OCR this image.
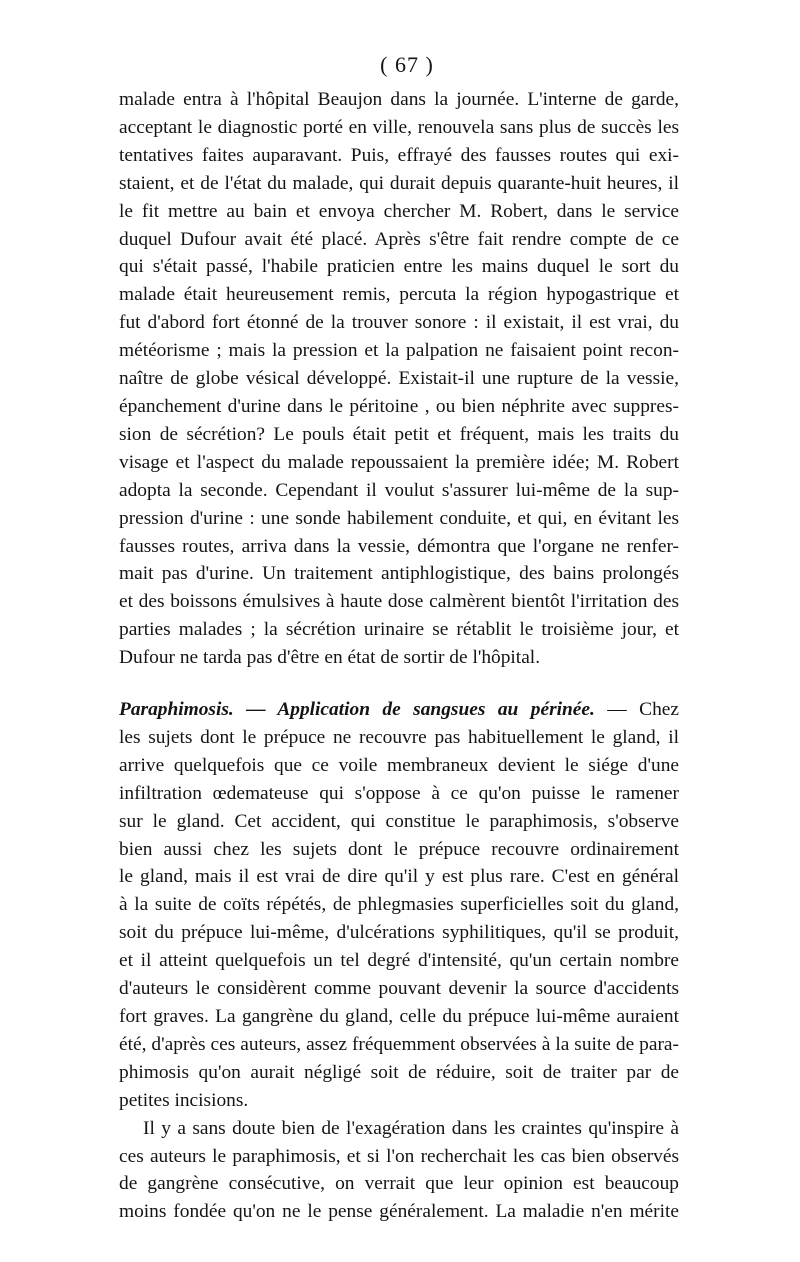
( 67 )

malade entra à l'hôpital Beaujon dans la journée. L'interne de garde,
acceptant le diagnostic porté en ville, renouvela sans plus de succès les
tentatives faites auparavant. Puis, effrayé des fausses routes qui exi-
staient, et de l'état du malade, qui durait depuis quarante-huit heures, il
le fit mettre au bain et envoya chercher M. Robert, dans le service
duquel Dufour avait été placé. Après s'être fait rendre compte de ce
qui s'était passé, l'habile praticien entre les mains duquel le sort du
malade était heureusement remis, percuta la région hypogastrique et
fut d'abord fort étonné de la trouver sonore : il existait, il est vrai, du
météorisme ; mais la pression et la palpation ne faisaient point recon-
naître de globe vésical développé. Existait-il une rupture de la vessie,
épanchement d'urine dans le péritoine , ou bien néphrite avec suppres-
sion de sécrétion? Le pouls était petit et fréquent, mais les traits du
visage et l'aspect du malade repoussaient la première idée; M. Robert
adopta la seconde. Cependant il voulut s'assurer lui-même de la sup-
pression d'urine : une sonde habilement conduite, et qui, en évitant les
fausses routes, arriva dans la vessie, démontra que l'organe ne renfer-
mait pas d'urine. Un traitement antiphlogistique, des bains prolongés
et des boissons émulsives à haute dose calmèrent bientôt l'irritation des
parties malades ; la sécrétion urinaire se rétablit le troisième jour, et
Dufour ne tarda pas d'être en état de sortir de l'hôpital.

Paraphimosis. — Application de sangsues au périnée. — Chez
les sujets dont le prépuce ne recouvre pas habituellement le gland, il
arrive quelquefois que ce voile membraneux devient le siége d'une
infiltration œdemateuse qui s'oppose à ce qu'on puisse le ramener
sur le gland. Cet accident, qui constitue le paraphimosis, s'observe
bien aussi chez les sujets dont le prépuce recouvre ordinairement
le gland, mais il est vrai de dire qu'il y est plus rare. C'est en général
à la suite de coïts répétés, de phlegmasies superficielles soit du gland,
soit du prépuce lui-même, d'ulcérations syphilitiques, qu'il se produit,
et il atteint quelquefois un tel degré d'intensité, qu'un certain nombre
d'auteurs le considèrent comme pouvant devenir la source d'accidents
fort graves. La gangrène du gland, celle du prépuce lui-même auraient
été, d'après ces auteurs, assez fréquemment observées à la suite de para-
phimosis qu'on aurait négligé soit de réduire, soit de traiter par de
petites incisions.

Il y a sans doute bien de l'exagération dans les craintes qu'inspire à
ces auteurs le paraphimosis, et si l'on recherchait les cas bien observés
de gangrène consécutive, on verrait que leur opinion est beaucoup
moins fondée qu'on ne le pense généralement. La maladie n'en mérite
